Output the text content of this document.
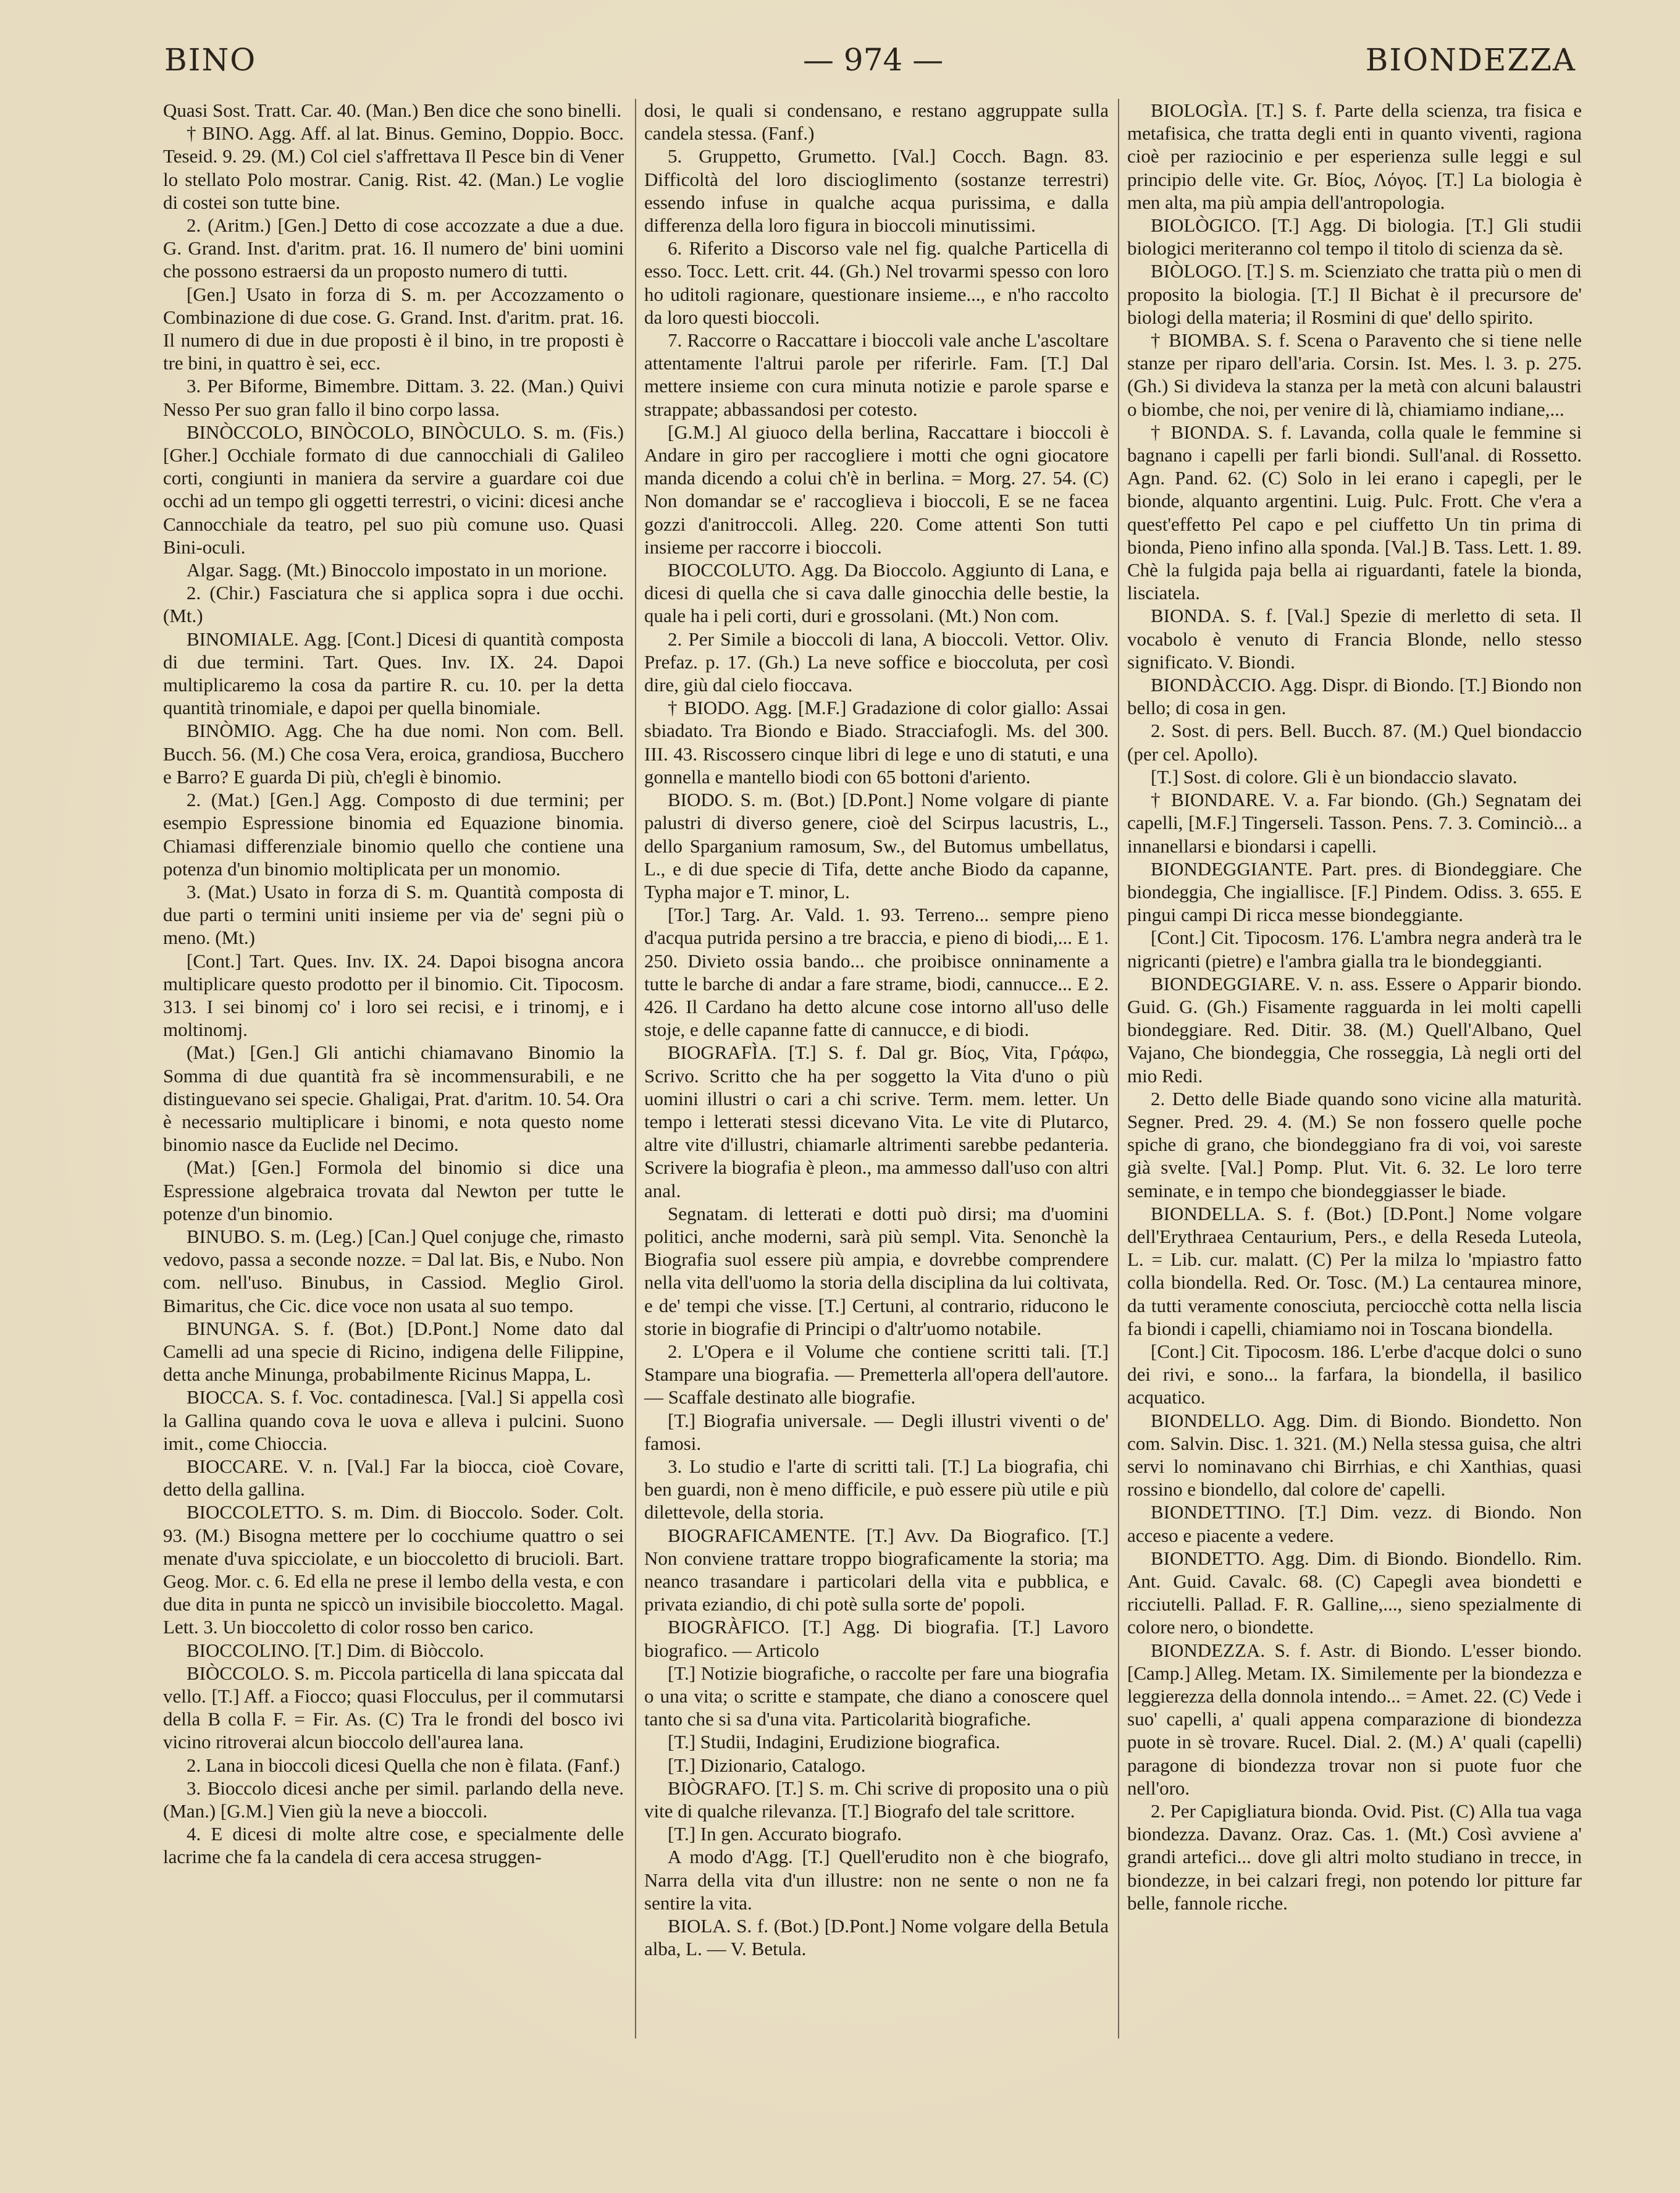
BINO	— 974 —	BIONDEZZA

Quasi Sost. Tratt. Car. 40. (Man.) Ben dice che sono binelli.

† BINO. Agg. Aff. al lat. Binus. Gemino, Doppio. Bocc. Teseid. 9. 29. (M.) Col ciel s'affrettava Il Pesce bin di Vener lo stellato Polo mostrar. Canig. Rist. 42. (Man.) Le voglie di costei son tutte bine.

2. (Aritm.) [Gen.] Detto di cose accozzate a due a due. G. Grand. Inst. d'aritm. prat. 16. Il numero de' bini uomini che possono estraersi da un proposto numero di tutti.

[Gen.] Usato in forza di S. m. per Accozzamento o Combinazione di due cose. G. Grand. Inst. d'aritm. prat. 16. Il numero di due in due proposti è il bino, in tre proposti è tre bini, in quattro è sei, ecc.

3. Per Biforme, Bimembre. Dittam. 3. 22. (Man.) Quivi Nesso Per suo gran fallo il bino corpo lassa.

BINÒCCOLO, BINÒCOLO, BINÒCULO. S. m. (Fis.) [Gher.] Occhiale formato di due cannocchiali di Galileo corti, congiunti in maniera da servire a guardare coi due occhi ad un tempo gli oggetti terrestri, o vicini: dicesi anche Cannocchiale da teatro, pel suo più comune uso. Quasi Bini-oculi.

Algar. Sagg. (Mt.) Binoccolo impostato in un morione.

2. (Chir.) Fasciatura che si applica sopra i due occhi. (Mt.)

BINOMIALE. Agg. [Cont.] Dicesi di quantità composta di due termini. Tart. Ques. Inv. IX. 24. Dapoi multiplicaremo la cosa da partire R. cu. 10. per la detta quantità trinomiale, e dapoi per quella binomiale.

BINÒMIO. Agg. Che ha due nomi. Non com. Bell. Bucch. 56. (M.) Che cosa Vera, eroica, grandiosa, Bucchero e Barro? E guarda Di più, ch'egli è binomio.

2. (Mat.) [Gen.] Agg. Composto di due termini; per esempio Espressione binomia ed Equazione binomia. Chiamasi differenziale binomio quello che contiene una potenza d'un binomio moltiplicata per un monomio.

3. (Mat.) Usato in forza di S. m. Quantità composta di due parti o termini uniti insieme per via de' segni più o meno. (Mt.)

[Cont.] Tart. Ques. Inv. IX. 24. Dapoi bisogna ancora multiplicare questo prodotto per il binomio. Cit. Tipocosm. 313. I sei binomj co' i loro sei recisi, e i trinomj, e i moltinomj.

(Mat.) [Gen.] Gli antichi chiamavano Binomio la Somma di due quantità fra sè incommensurabili, e ne distinguevano sei specie. Ghaligai, Prat. d'aritm. 10. 54. Ora è necessario multiplicare i binomi, e nota questo nome binomio nasce da Euclide nel Decimo.

(Mat.) [Gen.] Formola del binomio si dice una Espressione algebraica trovata dal Newton per tutte le potenze d'un binomio.

BINUBO. S. m. (Leg.) [Can.] Quel conjuge che, rimasto vedovo, passa a seconde nozze. = Dal lat. Bis, e Nubo. Non com. nell'uso. Binubus, in Cassiod. Meglio Girol. Bimaritus, che Cic. dice voce non usata al suo tempo.

BINUNGA. S. f. (Bot.) [D.Pont.] Nome dato dal Camelli ad una specie di Ricino, indigena delle Filippine, detta anche Minunga, probabilmente Ricinus Mappa, L.

BIOCCA. S. f. Voc. contadinesca. [Val.] Si appella così la Gallina quando cova le uova e alleva i pulcini. Suono imit., come Chioccia.

BIOCCARE. V. n. [Val.] Far la biocca, cioè Covare, detto della gallina.

BIOCCOLETTO. S. m. Dim. di Bioccolo. Soder. Colt. 93. (M.) Bisogna mettere per lo cocchiume quattro o sei menate d'uva spicciolate, e un bioccoletto di brucioli. Bart. Geog. Mor. c. 6. Ed ella ne prese il lembo della vesta, e con due dita in punta ne spiccò un invisibile bioccoletto. Magal. Lett. 3. Un bioccoletto di color rosso ben carico.

BIOCCOLINO. [T.] Dim. di Biòccolo.

BIÒCCOLO. S. m. Piccola particella di lana spiccata dal vello. [T.] Aff. a Fiocco; quasi Flocculus, per il commutarsi della B colla F. = Fir. As. (C) Tra le frondi del bosco ivi vicino ritroverai alcun bioccolo dell'aurea lana.

2. Lana in bioccoli dicesi Quella che non è filata. (Fanf.)

3. Bioccolo dicesi anche per simil. parlando della neve. (Man.) [G.M.] Vien giù la neve a bioccoli.

4. E dicesi di molte altre cose, e specialmente delle lacrime che fa la candela di cera accesa struggen-

dosi, le quali si condensano, e restano aggruppate sulla candela stessa. (Fanf.)

5. Gruppetto, Grumetto. [Val.] Cocch. Bagn. 83. Difficoltà del loro discioglimento (sostanze terrestri) essendo infuse in qualche acqua purissima, e dalla differenza della loro figura in bioccoli minutissimi.

6. Riferito a Discorso vale nel fig. qualche Particella di esso. Tocc. Lett. crit. 44. (Gh.) Nel trovarmi spesso con loro ho uditoli ragionare, questionare insieme..., e n'ho raccolto da loro questi bioccoli.

7. Raccorre o Raccattare i bioccoli vale anche L'ascoltare attentamente l'altrui parole per riferirle. Fam. [T.] Dal mettere insieme con cura minuta notizie e parole sparse e strappate; abbassandosi per cotesto.

[G.M.] Al giuoco della berlina, Raccattare i bioccoli è Andare in giro per raccogliere i motti che ogni giocatore manda dicendo a colui ch'è in berlina. = Morg. 27. 54. (C) Non domandar se e' raccoglieva i bioccoli, E se ne facea gozzi d'anitroccoli. Alleg. 220. Come attenti Son tutti insieme per raccorre i bioccoli.

BIOCCOLUTO. Agg. Da Bioccolo. Aggiunto di Lana, e dicesi di quella che si cava dalle ginocchia delle bestie, la quale ha i peli corti, duri e grossolani. (Mt.) Non com.

2. Per Simile a bioccoli di lana, A bioccoli. Vettor. Oliv. Prefaz. p. 17. (Gh.) La neve soffice e bioccoluta, per così dire, giù dal cielo fioccava.

† BIODO. Agg. [M.F.] Gradazione di color giallo: Assai sbiadato. Tra Biondo e Biado. Stracciafogli. Ms. del 300. III. 43. Riscossero cinque libri di lege e uno di statuti, e una gonnella e mantello biodi con 65 bottoni d'ariento.

BIODO. S. m. (Bot.) [D.Pont.] Nome volgare di piante palustri di diverso genere, cioè del Scirpus lacustris, L., dello Sparganium ramosum, Sw., del Butomus umbellatus, L., e di due specie di Tifa, dette anche Biodo da capanne, Typha major e T. minor, L.

[Tor.] Targ. Ar. Vald. 1. 93. Terreno... sempre pieno d'acqua putrida persino a tre braccia, e pieno di biodi,... E 1. 250. Divieto ossia bando... che proibisce onninamente a tutte le barche di andar a fare strame, biodi, cannucce... E 2. 426. Il Cardano ha detto alcune cose intorno all'uso delle stoje, e delle capanne fatte di cannucce, e di biodi.

BIOGRAFÌA. [T.] S. f. Dal gr. Βίος, Vita, Γράφω, Scrivo. Scritto che ha per soggetto la Vita d'uno o più uomini illustri o cari a chi scrive. Term. mem. letter. Un tempo i letterati stessi dicevano Vita. Le vite di Plutarco, altre vite d'illustri, chiamarle altrimenti sarebbe pedanteria. Scrivere la biografia è pleon., ma ammesso dall'uso con altri anal.

Segnatam. di letterati e dotti può dirsi; ma d'uomini politici, anche moderni, sarà più sempl. Vita. Senonchè la Biografia suol essere più ampia, e dovrebbe comprendere nella vita dell'uomo la storia della disciplina da lui coltivata, e de' tempi che visse. [T.] Certuni, al contrario, riducono le storie in biografie di Principi o d'altr'uomo notabile.

2. L'Opera e il Volume che contiene scritti tali. [T.] Stampare una biografia. — Premetterla all'opera dell'autore. — Scaffale destinato alle biografie.

[T.] Biografia universale. — Degli illustri viventi o de' famosi.

3. Lo studio e l'arte di scritti tali. [T.] La biografia, chi ben guardi, non è meno difficile, e può essere più utile e più dilettevole, della storia.

BIOGRAFICAMENTE. [T.] Avv. Da Biografico. [T.] Non conviene trattare troppo biograficamente la storia; ma neanco trasandare i particolari della vita e pubblica, e privata eziandio, di chi potè sulla sorte de' popoli.

BIOGRÀFICO. [T.] Agg. Di biografia. [T.] Lavoro biografico. — Articolo

[T.] Notizie biografiche, o raccolte per fare una biografia o una vita; o scritte e stampate, che diano a conoscere quel tanto che si sa d'una vita. Particolarità biografiche.

[T.] Studii, Indagini, Erudizione biografica.

[T.] Dizionario, Catalogo.

BIÒGRAFO. [T.] S. m. Chi scrive di proposito una o più vite di qualche rilevanza. [T.] Biografo del tale scrittore.

[T.] In gen. Accurato biografo.

A modo d'Agg. [T.] Quell'erudito non è che biografo, Narra della vita d'un illustre: non ne sente o non ne fa sentire la vita.

BIOLA. S. f. (Bot.) [D.Pont.] Nome volgare della Betula alba, L. — V. Betula.

BIOLOGÌA. [T.] S. f. Parte della scienza, tra fisica e metafisica, che tratta degli enti in quanto viventi, ragiona cioè per raziocinio e per esperienza sulle leggi e sul principio delle vite. Gr. Βίος, Λόγος. [T.] La biologia è men alta, ma più ampia dell'antropologia.

BIOLÒGICO. [T.] Agg. Di biologia. [T.] Gli studii biologici meriteranno col tempo il titolo di scienza da sè.

BIÒLOGO. [T.] S. m. Scienziato che tratta più o men di proposito la biologia. [T.] Il Bichat è il precursore de' biologi della materia; il Rosmini di que' dello spirito.

† BIOMBA. S. f. Scena o Paravento che si tiene nelle stanze per riparo dell'aria. Corsin. Ist. Mes. l. 3. p. 275. (Gh.) Si divideva la stanza per la metà con alcuni balaustri o biombe, che noi, per venire di là, chiamiamo indiane,...

† BIONDA. S. f. Lavanda, colla quale le femmine si bagnano i capelli per farli biondi. Sull'anal. di Rossetto. Agn. Pand. 62. (C) Solo in lei erano i capegli, per le bionde, alquanto argentini. Luig. Pulc. Frott. Che v'era a quest'effetto Pel capo e pel ciuffetto Un tin prima di bionda, Pieno infino alla sponda. [Val.] B. Tass. Lett. 1. 89. Chè la fulgida paja bella ai riguardanti, fatele la bionda, lisciatela.

BIONDA. S. f. [Val.] Spezie di merletto di seta. Il vocabolo è venuto di Francia Blonde, nello stesso significato. V. Biondi.

BIONDÀCCIO. Agg. Dispr. di Biondo. [T.] Biondo non bello; di cosa in gen.

2. Sost. di pers. Bell. Bucch. 87. (M.) Quel biondaccio (per cel. Apollo).

[T.] Sost. di colore. Gli è un biondaccio slavato.

† BIONDARE. V. a. Far biondo. (Gh.) Segnatam dei capelli, [M.F.] Tingerseli. Tasson. Pens. 7. 3. Cominciò... a innanellarsi e biondarsi i capelli.

BIONDEGGIANTE. Part. pres. di Biondeggiare. Che biondeggia, Che ingiallisce. [F.] Pindem. Odiss. 3. 655. E pingui campi Di ricca messe biondeggiante.

[Cont.] Cit. Tipocosm. 176. L'ambra negra anderà tra le nigricanti (pietre) e l'ambra gialla tra le biondeggianti.

BIONDEGGIARE. V. n. ass. Essere o Apparir biondo. Guid. G. (Gh.) Fisamente ragguarda in lei molti capelli biondeggiare. Red. Ditir. 38. (M.) Quell'Albano, Quel Vajano, Che biondeggia, Che rosseggia, Là negli orti del mio Redi.

2. Detto delle Biade quando sono vicine alla maturità. Segner. Pred. 29. 4. (M.) Se non fossero quelle poche spiche di grano, che biondeggiano fra di voi, voi sareste già svelte. [Val.] Pomp. Plut. Vit. 6. 32. Le loro terre seminate, e in tempo che biondeggiasser le biade.

BIONDELLA. S. f. (Bot.) [D.Pont.] Nome volgare dell'Erythraea Centaurium, Pers., e della Reseda Luteola, L. = Lib. cur. malatt. (C) Per la milza lo 'mpiastro fatto colla biondella. Red. Or. Tosc. (M.) La centaurea minore, da tutti veramente conosciuta, perciocchè cotta nella liscia fa biondi i capelli, chiamiamo noi in Toscana biondella.

[Cont.] Cit. Tipocosm. 186. L'erbe d'acque dolci o suno dei rivi, e sono... la farfara, la biondella, il basilico acquatico.

BIONDELLO. Agg. Dim. di Biondo. Biondetto. Non com. Salvin. Disc. 1. 321. (M.) Nella stessa guisa, che altri servi lo nominavano chi Birrhias, e chi Xanthias, quasi rossino e biondello, dal colore de' capelli.

BIONDETTINO. [T.] Dim. vezz. di Biondo. Non acceso e piacente a vedere.

BIONDETTO. Agg. Dim. di Biondo. Biondello. Rim. Ant. Guid. Cavalc. 68. (C) Capegli avea biondetti e ricciutelli. Pallad. F. R. Galline,..., sieno spezialmente di colore nero, o biondette.

BIONDEZZA. S. f. Astr. di Biondo. L'esser biondo. [Camp.] Alleg. Metam. IX. Similemente per la biondezza e leggierezza della donnola intendo... = Amet. 22. (C) Vede i suo' capelli, a' quali appena comparazione di biondezza puote in sè trovare. Rucel. Dial. 2. (M.) A' quali (capelli) paragone di biondezza trovar non si puote fuor che nell'oro.

2. Per Capigliatura bionda. Ovid. Pist. (C) Alla tua vaga biondezza. Davanz. Oraz. Cas. 1. (Mt.) Così avviene a' grandi artefici... dove gli altri molto studiano in trecce, in biondezze, in bei calzari fregi, non potendo lor pitture far belle, fannole ricche.
